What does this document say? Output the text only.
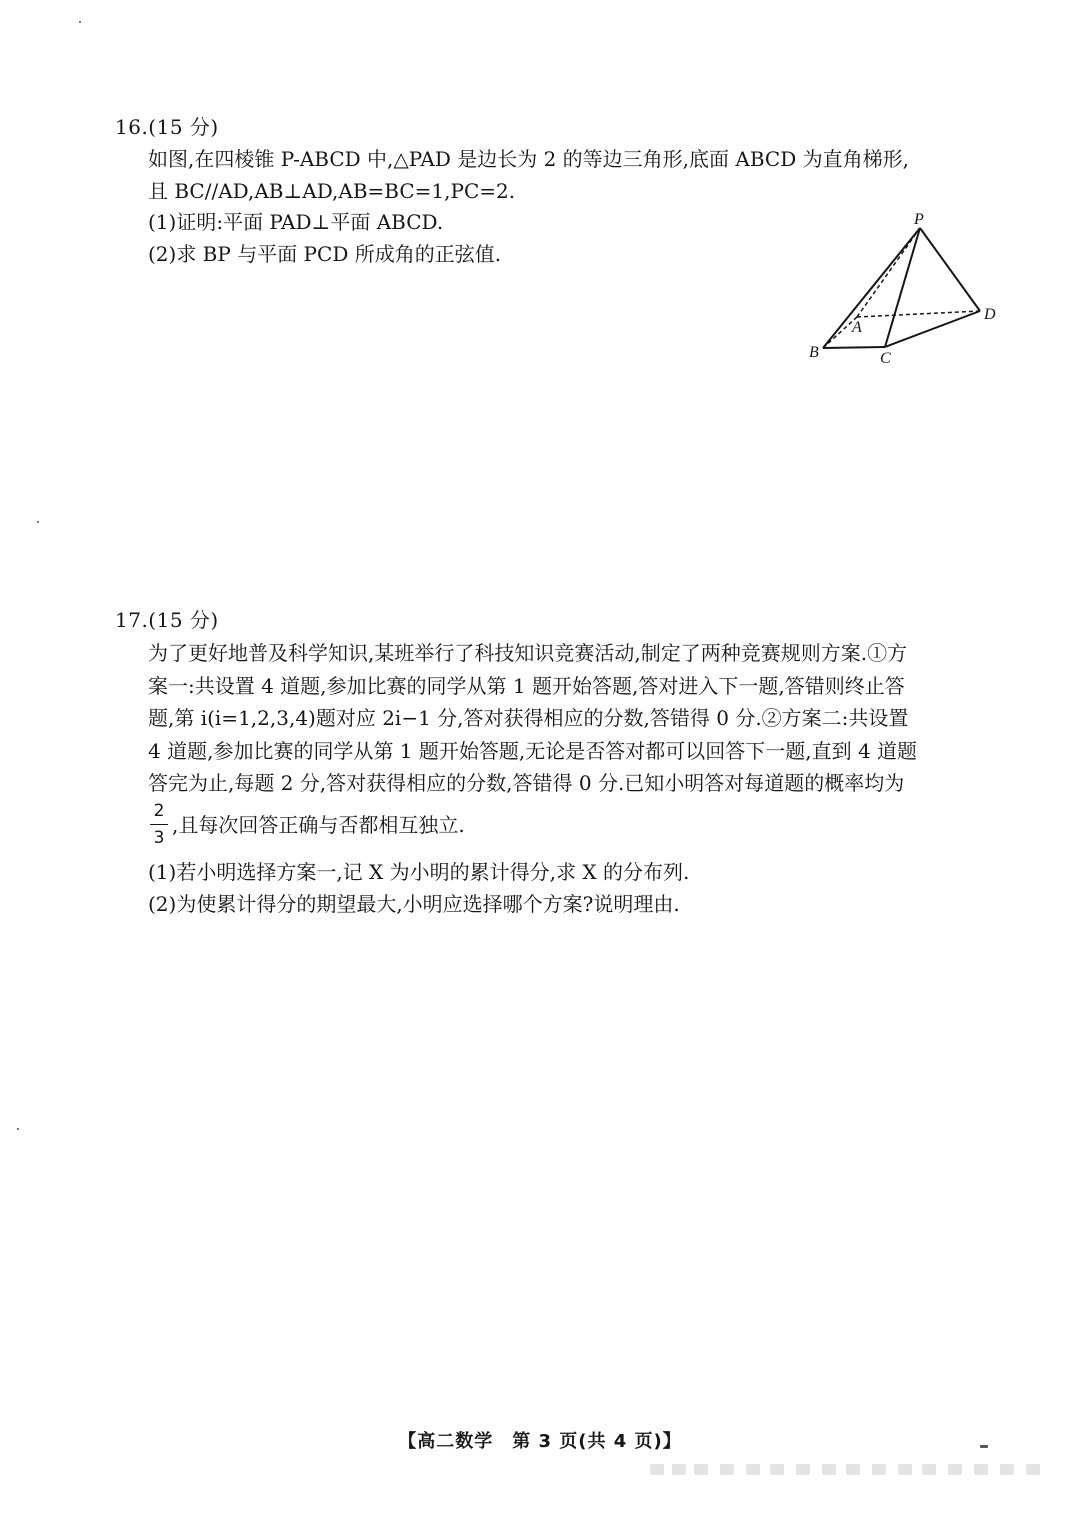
16.(15 分)
如图,在四棱锥 P-ABCD 中,△PAD 是边长为 2 的等边三角形,底面 ABCD 为直角梯形,
且 BC//AD,AB⊥AD,AB=BC=1,PC=2.
(1)证明:平面 PAD⊥平面 ABCD.
(2)求 BP 与平面 PCD 所成角的正弦值.
P
A
B	C
D
17.(15 分)
为了更好地普及科学知识,某班举行了科技知识竞赛活动,制定了两种竞赛规则方案.①方
案一:共设置 4 道题,参加比赛的同学从第 1 题开始答题,答对进入下一题,答错则终止答
题,第 i(i=1,2,3,4)题对应 2i−1 分,答对获得相应的分数,答错得 0 分.②方案二:共设置
4 道题,参加比赛的同学从第 1 题开始答题,无论是否答对都可以回答下一题,直到 4 道题
答完为止,每题 2 分,答对获得相应的分数,答错得 0 分.已知小明答对每道题的概率均为
2
3
,且每次回答正确与否都相互独立.
(1)若小明选择方案一,记 X 为小明的累计得分,求 X 的分布列.
(2)为使累计得分的期望最大,小明应选择哪个方案?说明理由.
【高二数学　第 3 页(共 4 页)】
